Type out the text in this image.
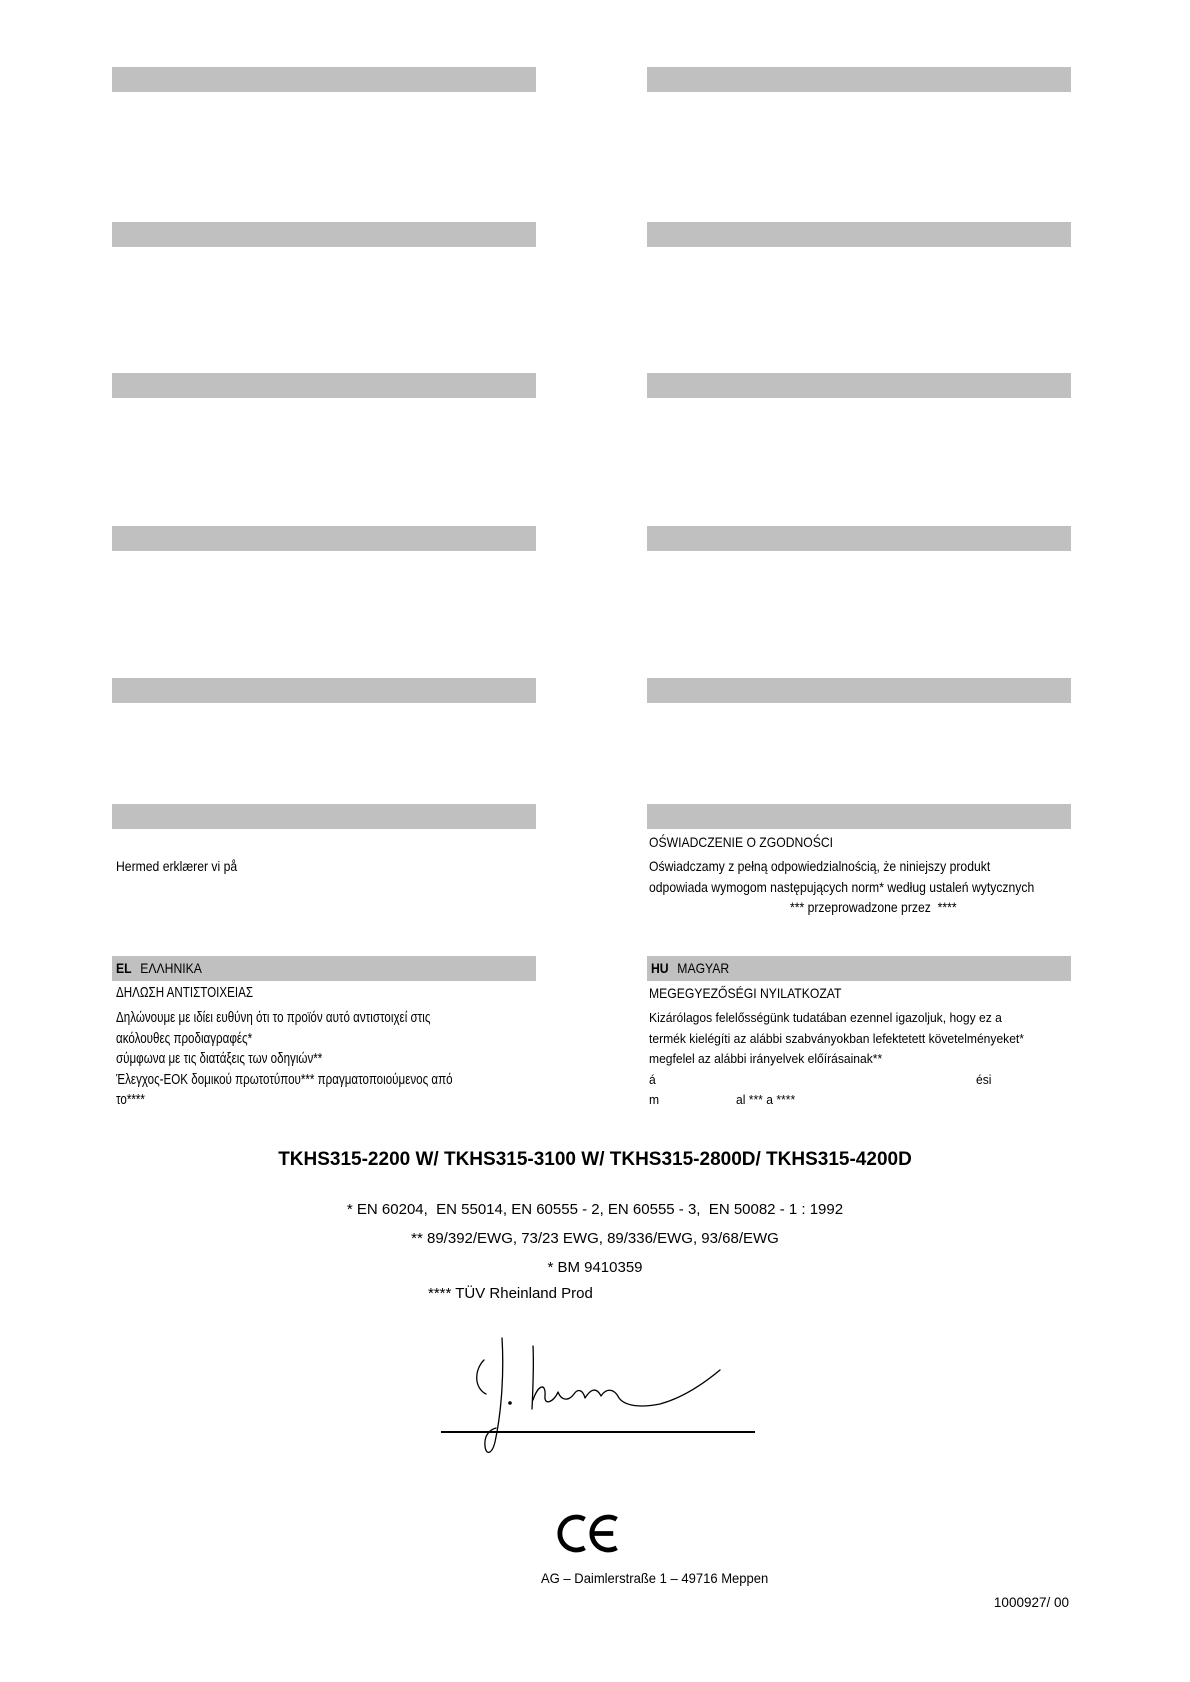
OŚWIADCZENIE O ZGODNOŚCI
Hermed erklærer vi på	Oświadczamy z pełną odpowiedzialnością, że niniejszy produkt
odpowiada wymogom następujących norm* według ustaleń wytycznych
*** przeprowadzone przez  ****
EL ΕΛΛΗΝΙΚΑ	HU MAGYAR
ΔΗΛΩΣΗ ΑΝΤΙΣΤΟΙΧΕΙΑΣ
Δηλώνουμε με ιδίει ευθύνη ότι το προϊόν αυτό αντιστοιχεί στις
ακόλουθες προδιαγραφές*
σύμφωνα με τις διατάξεις των οδηγιών**
Έλεγχος-ΕΟΚ δομικού πρωτοτύπου*** πραγματοποιούμενος από
το****
MEGEGYEZŐSÉGI NYILATKOZAT
Kizárólagos felelősségünk tudatában ezennel igazoljuk, hogy ez a
termék kielégíti az alábbi szabványokban lefektetett követelményeket*
megfelel az alábbi irányelvek előírásainak**
á	ési
m	al *** a ****
TKHS315-2200 W/ TKHS315-3100 W/ TKHS315-2800D/ TKHS315-4200D
* EN 60204,  EN 55014, EN 60555 - 2, EN 60555 - 3,  EN 50082 - 1 : 1992
** 89/392/EWG, 73/23 EWG, 89/336/EWG, 93/68/EWG
* BM 9410359
**** TÜV Rheinland Prod
AG – Daimlerstraße 1 – 49716 Meppen
1000927/ 00
